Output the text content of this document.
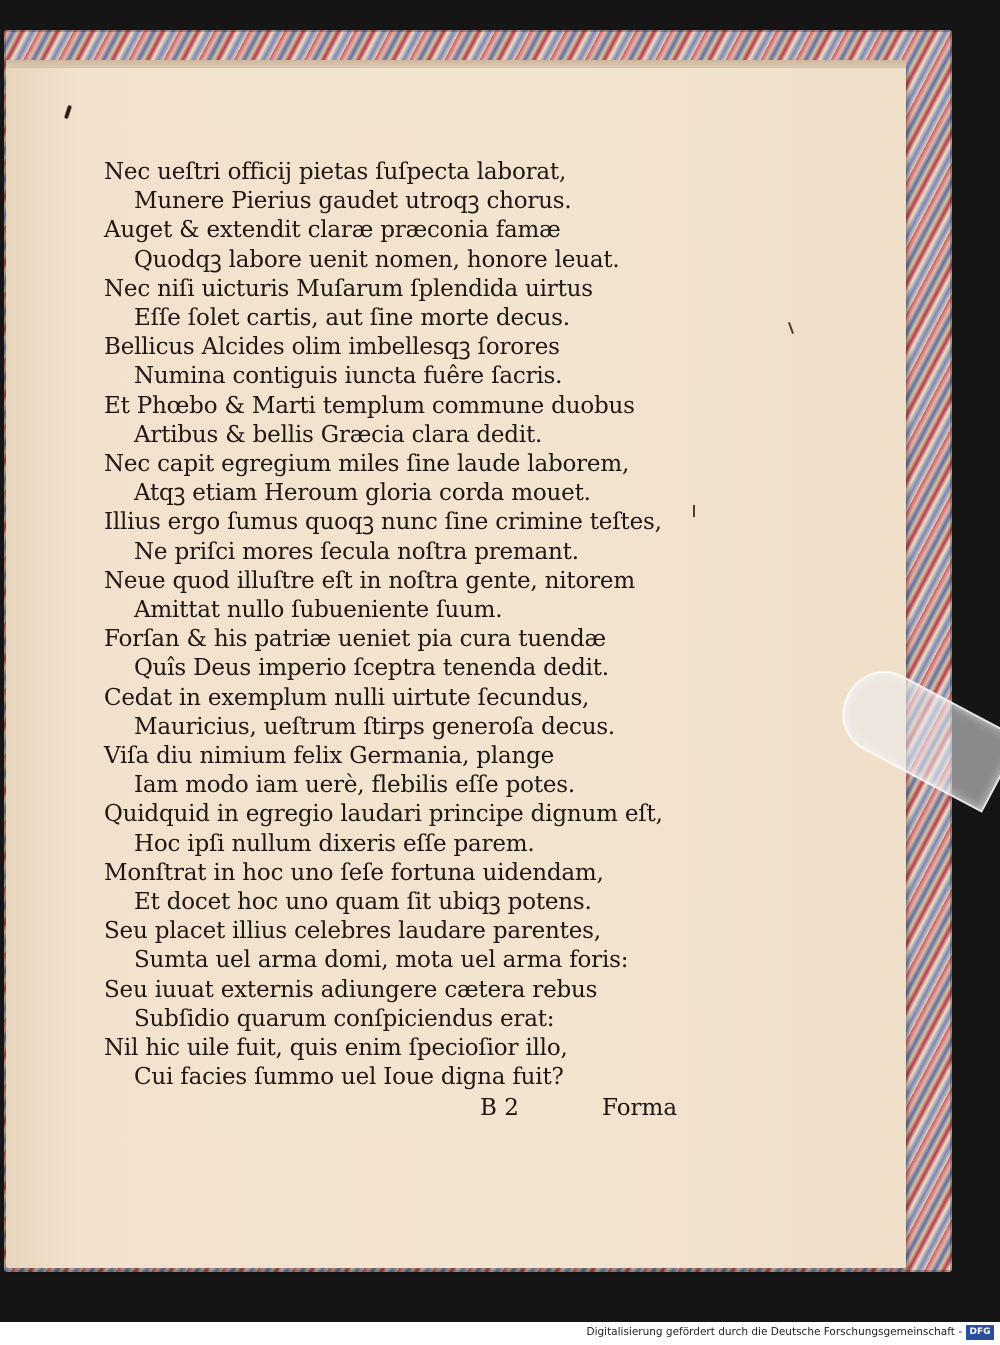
Nec ueſtri officij pietas ſuſpecta laborat,
Munere Pierius gaudet utroqꝫ chorus.
Auget & extendit claræ præconia famæ
Quodqꝫ labore uenit nomen, honore leuat.
Nec niſi uicturis Muſarum ſplendida uirtus
Eſſe ſolet cartis, aut ſine morte decus.
Bellicus Alcides olim imbellesqꝫ ſorores
Numina contiguis iuncta fuêre ſacris.
Et Phœbo & Marti templum commune duobus
Artibus & bellis Græcia clara dedit.
Nec capit egregium miles ſine laude laborem,
Atqꝫ etiam Heroum gloria corda mouet.
Illius ergo ſumus quoqꝫ nunc ſine crimine teſtes,
Ne priſci mores ſecula noſtra premant.
Neue quod illuſtre eſt in noſtra gente, nitorem
Amittat nullo ſubueniente ſuum.
Forſan & his patriæ ueniet pia cura tuendæ
Quîs Deus imperio ſceptra tenenda dedit.
Cedat in exemplum nulli uirtute ſecundus,
Mauricius, ueſtrum ſtirps generoſa decus.
Viſa diu nimium felix Germania, plange
Iam modo iam uerè, flebilis eſſe potes.
Quidquid in egregio laudari principe dignum eſt,
Hoc ipſi nullum dixeris eſſe parem.
Monſtrat in hoc uno ſeſe fortuna uidendam,
Et docet hoc uno quam ſit ubiqꝫ potens.
Seu placet illius celebres laudare parentes,
Sumta uel arma domi, mota uel arma foris:
Seu iuuat externis adiungere cætera rebus
Subſidio quarum conſpiciendus erat:
Nil hic uile fuit, quis enim ſpecioſior illo,
Cui facies ſummo uel Ioue digna fuit?
B 2	Forma
Digitalisierung gefördert durch die Deutsche Forschungsgemeinschaft - DFG
